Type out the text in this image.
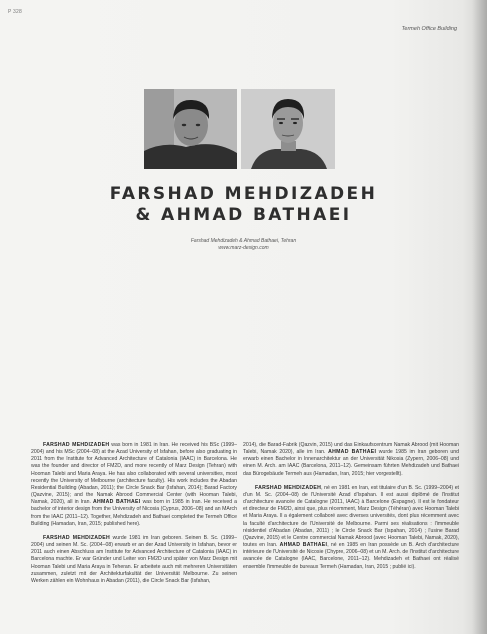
P 328
Termeh Office Building
FARSHAD MEHDIZADEH
& AHMAD BATHAEI
Farshad Mehdizadeh & Ahmad Bathaei, Tehran
www.marz-design.com

FARSHAD MEHDIZADEH was born in 1981 in Iran. He received his BSc (1999–2004) and his MSc (2004–08) at the Azad University of Isfahan, before also graduating in 2011 from the Institute for Advanced Architecture of Catalonia (IAAC) in Barcelona. He was the founder and director of FM2D, and more recently of Marz Design (Tehran) with Hooman Talebi and Maria Araya. He has also collaborated with several universities, most recently the University of Melbourne (architecture faculty). His work includes the Abadan Residential Building (Abadan, 2011); the Circle Snack Bar (Isfahan, 2014); Barad Factory (Qazvine, 2015); and the Namak Abrood Commercial Center (with Hooman Talebi, Namak, 2020), all in Iran. AHMAD BATHAEI was born in 1985 in Iran. He received a bachelor of interior design from the University of Nicosia (Cyprus, 2006–08) and an MArch from the IAAC (2011–12). Together, Mehdizadeh and Bathaei completed the Termeh Office Building (Hamadan, Iran, 2015; published here).

FARSHAD MEHDIZADEH wurde 1981 im Iran geboren. Seinen B. Sc. (1999–2004) und seinen M. Sc. (2004–08) erwarb er an der Azad University in Isfahan, bevor er 2011 auch einen Abschluss am Institute for Advanced Architecture of Catalonia (IAAC) in Barcelona machte. Er war Gründer und Leiter von FM2D und später von Marz Design mit Hooman Talebi und Maria Araya in Teheran. Er arbeitete auch mit mehreren Universitäten zusammen, zuletzt mit der Architekturfakultät der Universität Melbourne. Zu seinen Werken zählen ein Wohnhaus in Abadan (2011), die Circle Snack Bar (Isfahan,

2014), die Barad-Fabrik (Qazvin, 2015) und das Einkaufscentrum Namak Abrood (mit Hooman Talebi, Namak 2020), alle im Iran. AHMAD BATHAEI wurde 1985 im Iran geboren und erwarb einen Bachelor in Innenarchitektur an der Universität Nikosia (Zypern, 2006–08) und einen M. Arch. am IAAC (Barcelona, 2011–12). Gemeinsam führten Mehdizadeh und Bathaei das Bürogebäude Termeh aus (Hamadan, Iran, 2015; hier vorgestellt).

FARSHAD MEHDIZADEH, né en 1981 en Iran, est titulaire d'un B. Sc. (1999–2004) et d'un M. Sc. (2004–08) de l'Université Azad d'Ispahan. Il est aussi diplômé de l'Institut d'architecture avancée de Catalogne (2011, IAAC) à Barcelone (Espagne). Il est le fondateur et directeur de FM2D, ainsi que, plus récemment, Marz Design (Téhéran) avec Hooman Talebi et Maria Araya. Il a également collaboré avec diverses universités, dont plus récemment avec la faculté d'architecture de l'Université de Melbourne. Parmi ses réalisations : l'immeuble résidentiel d'Abadan (Abadan, 2011) ; le Circle Snack Bar (Ispahan, 2014) ; l'usine Barad (Qazvine, 2015) et le Centre commercial Namak Abrood (avec Hooman Talebi, Namak, 2020), toutes en Iran. AHMAD BATHAEI, né en 1985 en Iran possède un B. Arch d'architecture intérieure de l'Université de Nicosie (Chypre, 2006–08) et un M. Arch. de l'Institut d'architecture avancée de Catalogne (IAAC, Barcelone, 2011–12). Mehdizadeh et Bathaei ont réalisé ensemble l'immeuble de bureaux Termeh (Hamadan, Iran, 2015 ; publié ici).
